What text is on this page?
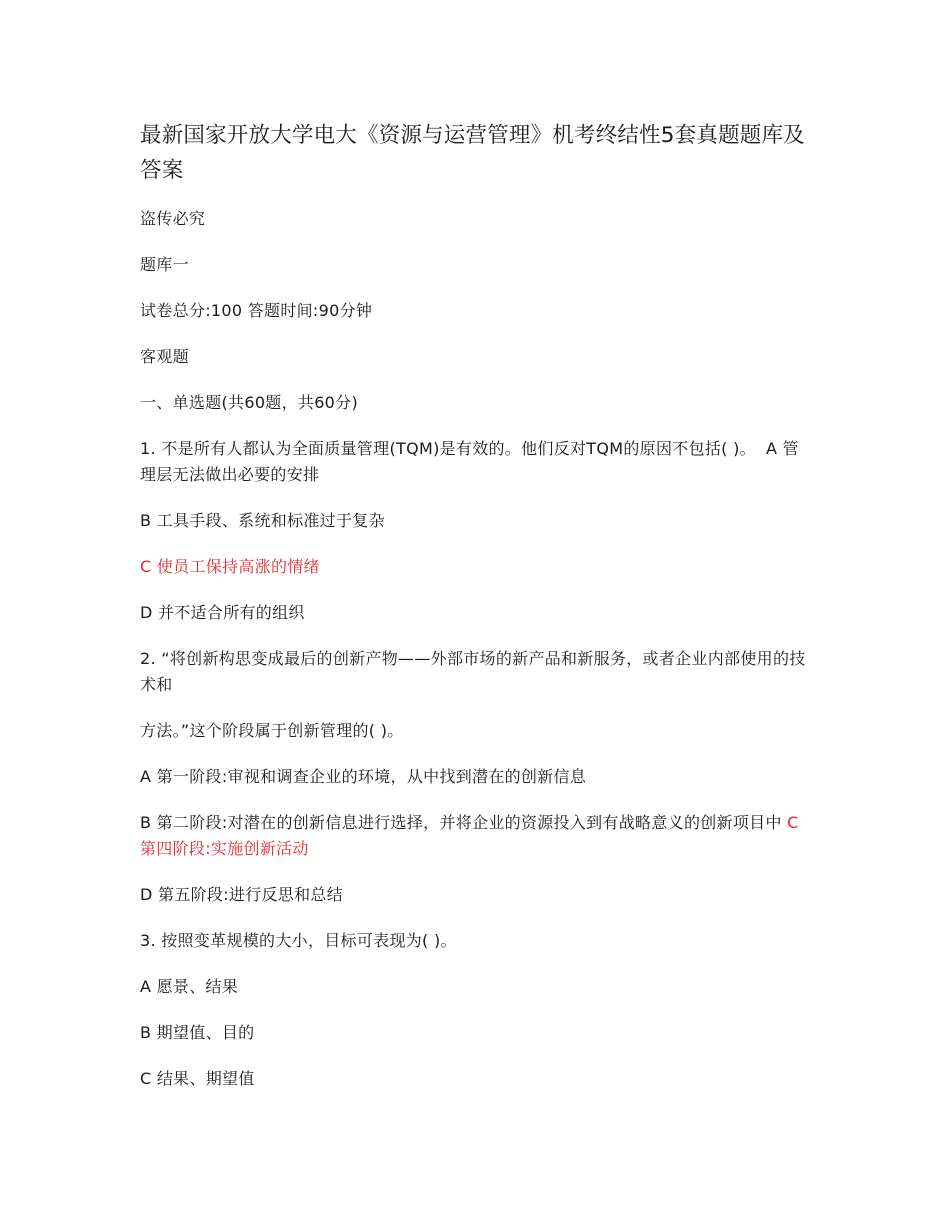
最新国家开放大学电大《资源与运营管理》机考终结性5套真题题库及答案
盗传必究
题库一
试卷总分:100 答题时间:90分钟
客观题
一、单选题(共60题，共60分)
1. 不是所有人都认为全面质量管理(TQM)是有效的。他们反对TQM的原因不包括( )。 A 管理层无法做出必要的安排
B 工具手段、系统和标准过于复杂
C 使员工保持高涨的情绪
D 并不适合所有的组织
2. “将创新构思变成最后的创新产物——外部市场的新产品和新服务，或者企业内部使用的技术和
方法。”这个阶段属于创新管理的( )。
A 第一阶段:审视和调查企业的环境，从中找到潜在的创新信息
B 第二阶段:对潜在的创新信息进行选择，并将企业的资源投入到有战略意义的创新项目中 C 第四阶段:实施创新活动
D 第五阶段:进行反思和总结
3. 按照变革规模的大小，目标可表现为( )。
A 愿景、结果
B 期望值、目的
C 结果、期望值
